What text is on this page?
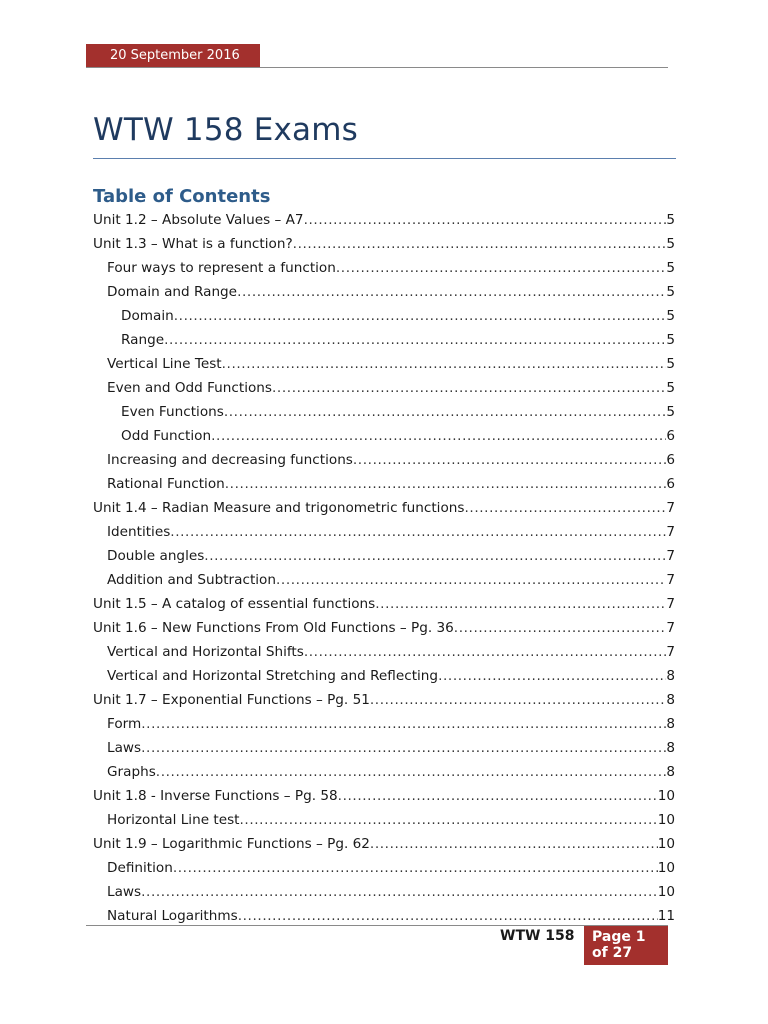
20 September 2016
WTW 158 Exams
Table of Contents
Unit 1.2 – Absolute Values – A7 .....	5
Unit 1.3 – What is a function? .....	5
Four ways to represent a function .....	5
Domain and Range .....	5
Domain .....	5
Range .....	5
Vertical Line Test .....	5
Even and Odd Functions .....	5
Even Functions .....	5
Odd Function .....	6
Increasing and decreasing functions .....	6
Rational Function .....	6
Unit 1.4 – Radian Measure and trigonometric functions .....	7
Identities .....	7
Double angles .....	7
Addition and Subtraction .....	7
Unit 1.5 – A catalog of essential functions .....	7
Unit 1.6 – New Functions From Old Functions – Pg. 36 .....	7
Vertical and Horizontal Shifts .....	7
Vertical and Horizontal Stretching and Reflecting .....	8
Unit 1.7 – Exponential Functions – Pg. 51 .....	8
Form .....	8
Laws .....	8
Graphs .....	8
Unit 1.8 - Inverse Functions – Pg. 58 .....	10
Horizontal Line test .....	10
Unit 1.9 – Logarithmic Functions – Pg. 62 .....	10
Definition .....	10
Laws .....	10
Natural Logarithms .....	11
WTW 158 Page 1
of 27
